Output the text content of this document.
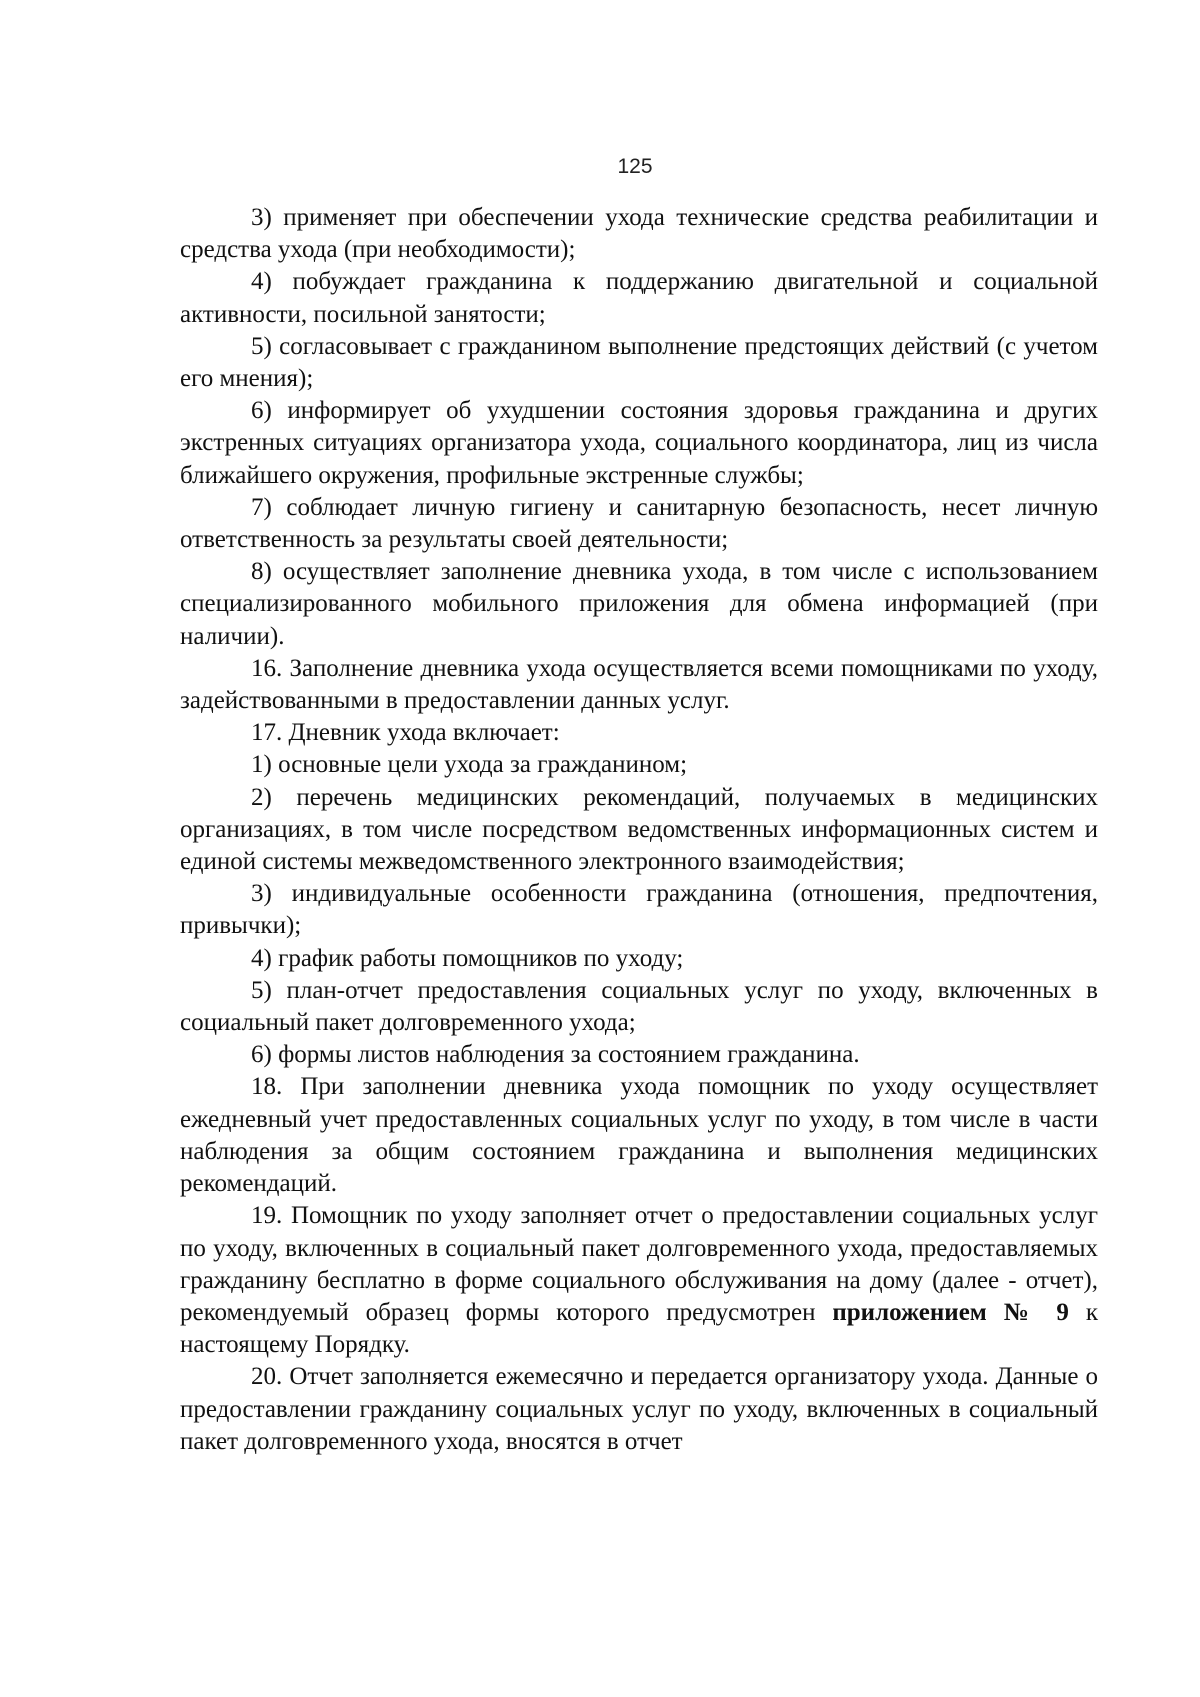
125

3) применяет при обеспечении ухода технические средства реабилитации и средства ухода (при необходимости);

4) побуждает гражданина к поддержанию двигательной и социальной активности, посильной занятости;

5) согласовывает с гражданином выполнение предстоящих действий (с учетом его мнения);

6) информирует об ухудшении состояния здоровья гражданина и других экстренных ситуациях организатора ухода, социального координатора, лиц из числа ближайшего окружения, профильные экстренные службы;

7) соблюдает личную гигиену и санитарную безопасность, несет личную ответственность за результаты своей деятельности;

8) осуществляет заполнение дневника ухода, в том числе с использованием специализированного мобильного приложения для обмена информацией (при наличии).

16. Заполнение дневника ухода осуществляется всеми помощниками по уходу, задействованными в предоставлении данных услуг.

17. Дневник ухода включает:

1) основные цели ухода за гражданином;

2) перечень медицинских рекомендаций, получаемых в медицинских организациях, в том числе посредством ведомственных информационных систем и единой системы межведомственного электронного взаимодействия;

3) индивидуальные особенности гражданина (отношения, предпочтения, привычки);

4) график работы помощников по уходу;

5) план-отчет предоставления социальных услуг по уходу, включенных в социальный пакет долговременного ухода;

6) формы листов наблюдения за состоянием гражданина.

18. При заполнении дневника ухода помощник по уходу осуществляет ежедневный учет предоставленных социальных услуг по уходу, в том числе в части наблюдения за общим состоянием гражданина и выполнения медицинских рекомендаций.

19. Помощник по уходу заполняет отчет о предоставлении социальных услуг по уходу, включенных в социальный пакет долговременного ухода, предоставляемых гражданину бесплатно в форме социального обслуживания на дому (далее - отчет), рекомендуемый образец формы которого предусмотрен приложением № 9 к настоящему Порядку.

20. Отчет заполняется ежемесячно и передается организатору ухода. Данные о предоставлении гражданину социальных услуг по уходу, включенных в социальный пакет долговременного ухода, вносятся в отчет
